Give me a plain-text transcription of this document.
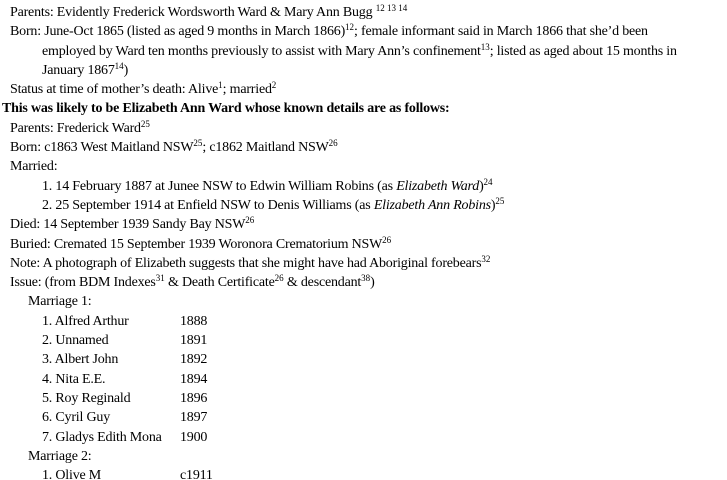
Parents: Evidently Frederick Wordsworth Ward & Mary Ann Bugg $^{12 13 14}$
Born: June-Oct 1865 (listed as aged 9 months in March 1866)$^{12}$; female informant said in March 1866 that she’d been
employed by Ward ten months previously to assist with Mary Ann’s confinement$^{13}$; listed as aged about 15 months in
January 1867$^{14}$)
Status at time of mother’s death: Alive$^1$; married$^2$
This was likely to be Elizabeth Ann Ward whose known details are as follows:
Parents: Frederick Ward$^{25}$
Born: c1863 West Maitland NSW$^{25}$; c1862 Maitland NSW$^{26}$
Married:
1. 14 February 1887 at Junee NSW to Edwin William Robins (as Elizabeth Ward)$^{24}$
2. 25 September 1914 at Enfield NSW to Denis Williams (as Elizabeth Ann Robins)$^{25}$
Died: 14 September 1939 Sandy Bay NSW$^{26}$
Buried: Cremated 15 September 1939 Woronora Crematorium NSW$^{26}$
Note: A photograph of Elizabeth suggests that she might have had Aboriginal forebears$^{32}$
Issue: (from BDM Indexes$^{31}$ & Death Certificate$^{26}$ & descendant$^{38}$)
Marriage 1:
1. Alfred Arthur	1888
2. Unnamed	1891
3. Albert John	1892
4. Nita E.E.	1894
5. Roy Reginald	1896
6. Cyril Guy	1897
7. Gladys Edith Mona 1900
Marriage 2:
1. Olive M	c1911
